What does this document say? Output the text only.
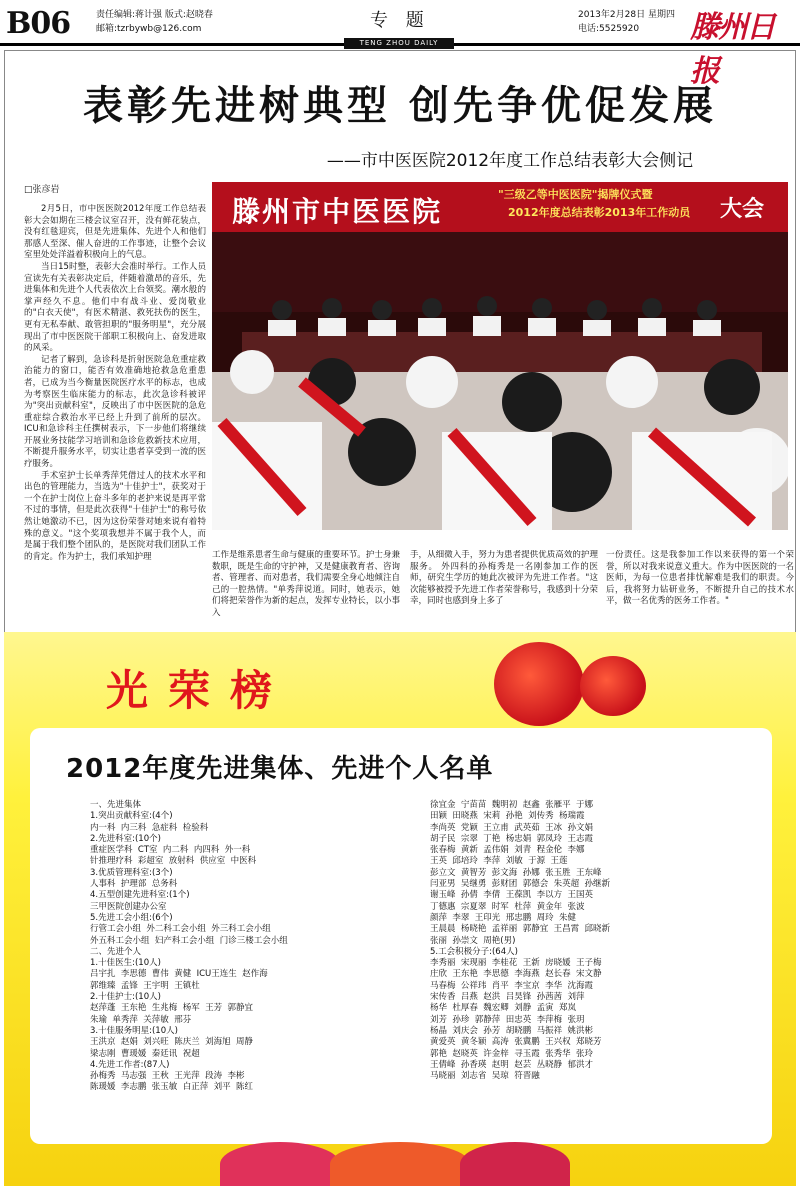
B06	责任编辑:蒋计强 版式:赵晓春
邮箱:tzrbywb@126.com	专 题	2013年2月28日 星期四
电话:5525920	滕州日报
TENG ZHOU DAILY
表彰先进树典型 创先争优促发展
——市中医医院2012年度工作总结表彰大会侧记
□张彦岩

2月5日，市中医医院2012年度工作总结表彰大会如期在三楼会议室召开，没有鲜花装点，没有红毯迎宾，但是先进集体、先进个人和他们那感人至深、催人奋进的工作事迹，让整个会议室里处处洋溢着积极向上的气息。

当日15时整，表彰大会准时举行。工作人员宣读先有关表彰决定后，伴随着激昂的音乐，先进集体和先进个人代表依次上台领奖。潮水般的掌声经久不息。他们中有战斗业、爱岗敬业的"白衣天使"，有医术精湛、救死扶伤的医生，更有无私奉献、敢管担职的"服务明星"，充分展现出了市中医医院干部职工积极向上、奋发进取的风采。

记者了解到，急诊科是折射医院急危重症救治能力的窗口，能否有效准确地抢救急危重患者，已成为当今衡量医院医疗水平的标志，也成为考察医生临床能力的标志，此次急诊科被评为"突出贡献科室"，反映出了市中医医院的急危重症综合救治水平已经上升到了前所的层次。ICU和急诊科主任撰树表示，下一步他们将继续开展业务技能学习培训和急诊危救新技术应用，不断提升服务水平，切实让患者享受到一流的医疗服务。

手术室护士长单秀萍凭借过人的技术水平和出色的管理能力，当选为"十佳护士"，获奖对于一个在护士岗位上奋斗多年的老护来说是再平常不过的事情，但是此次获得"十佳护士"的称号依然让她激动不已，因为这份荣誉对她来说有着特殊的意义。"这个奖项我想并不属于我个人，而是属于我们整个团队的，是医院对我们团队工作的肯定。作为护士，我们承知护理

滕州市中医医院
"三级乙等中医医院"揭牌仪式暨
2012年度总结表彰2013年工作动员 大会
工作是维系患者生命与健康的重要环节。护士身兼数职，既是生命的守护神，又是健康教育者、咨询者、管理者、而对患者，我们需要全身心地倾注自己的一腔热情。"单秀萍说道。同时，她表示，她们将把荣誉作为新的起点，发挥专业特长，以小事入
手，从细微入手，努力为患者提供优质高效的护理服务。 外四科的孙梅秀是一名刚参加工作的医师，研究生学历的她此次被评为先进工作者。"这次能够被授予先进工作者荣誉称号，我感到十分荣幸，同时也感到身上多了
一份责任。这是我参加工作以来获得的第一个荣誉，所以对我来说意义重大。作为中医医院的一名医师，为每一位患者排忧解难是我们的职责。今后，我将努力钻研业务，不断提升自己的技术水平，做一名优秀的医务工作者。"
光荣榜
2012年度先进集体、先进个人名单
一、先进集体
1.突出贡献科室:(4个)
内一科  内三科  急症科  检验科
2.先进科室:(10个)
重症医学科  CT室  内二科  内四科  外一科
针推理疗科  彩超室  放射科  供应室  中医科
3.优质管理科室:(3个)
人事科  护理部  总务科
4.五型创建先进科室:(1个)
三甲医院创建办公室
5.先进工会小组:(6个)
行管工会小组  外二科工会小组  外三科工会小组
外五科工会小组  妇产科工会小组  门诊三楼工会小组
二、先进个人
1.十佳医生:(10人)
吕宇扎  李思德  曹伟  黄健  ICU王连生  赵作海
郭维臻  孟锋  王宇明  王镇杜
2.十佳护士:(10人)
赵萍蓬  王东艳  生兆梅  杨军  王芳  郭静宜
朱瑜  单秀萍  关萍敏  邢芬
3.十佳服务明星:(10人)
王洪京  赵娟  刘兴旺  陈庆兰  刘海旭  周静
梁志刚  曹瑗媛  秦廷讯  祝超
4.先进工作者:(87人)
孙梅秀  马志强  王秋  王光萍  段涛  李彬
陈瑗媛  李志鹏  张玉敏  白正萍  刘平  陈红
徐宜金  宁苗苗  魏明初  赵鑫  张雁平  于娜
田颖  田晓燕  宋莉  孙艳  刘传秀  杨瑞霞
李尚英  党颖  王立甫  武英茹  王冰  孙文娟
胡子民  宗翠  丁艳  杨忠娟  郭凤玲  王志霞
张春梅  黄新  孟伟娟  刘青  程金伦  李娜
王英  邱培玲  李萍  刘敏  于源  王莲
彭立文  黄智芳  彭文海  孙娜  张玉胜  王东峰
闫亚男  吴继勇  彭财团  郭德会  朱英超  孙继新
谢玉峰  孙倩  李倩  王葆凯  李以方  王国英
丁德惠  宗夏翠  时军  杜萍  黄金年  张波
颜萍  李翠  王印光  邢忠鹏  周玲  朱健
王晨晨  杨晓艳  孟祥丽  郭静宜  王昌霄  邱晓新
张丽  孙崇文  周艳(男)
5.工会积极分子:(64人)
李秀丽  宋现丽  李桂花  王新  房晓媛  王子梅
庄欣  王东艳  李思德  李海燕  赵长春  宋文静
马春梅  公祥玮  肖平  李宝京  李华  沈海霞
宋传香  吕燕  赵洪  吕昊锋  孙茜茜  刘萍
杨华  杜厚春  魏宏卿  刘静  孟寅  郑岚
刘芳  孙珍  郭静萍  田忠英  李萍梅  张玥
杨晶  刘庆会  孙芳  胡晓鹏  马振祥  姚洪彬
黄爱英  黄冬颖  高涛  张冀鹏  王兴权  郑晓芳
郭艳  赵晓英  许金梓  寻玉霞  张秀华  张玲
王倩峰  孙香瑛  赵明  赵芸  丛晓静  郁洪才
马晓丽  刘志省  吴琼  符晋融
